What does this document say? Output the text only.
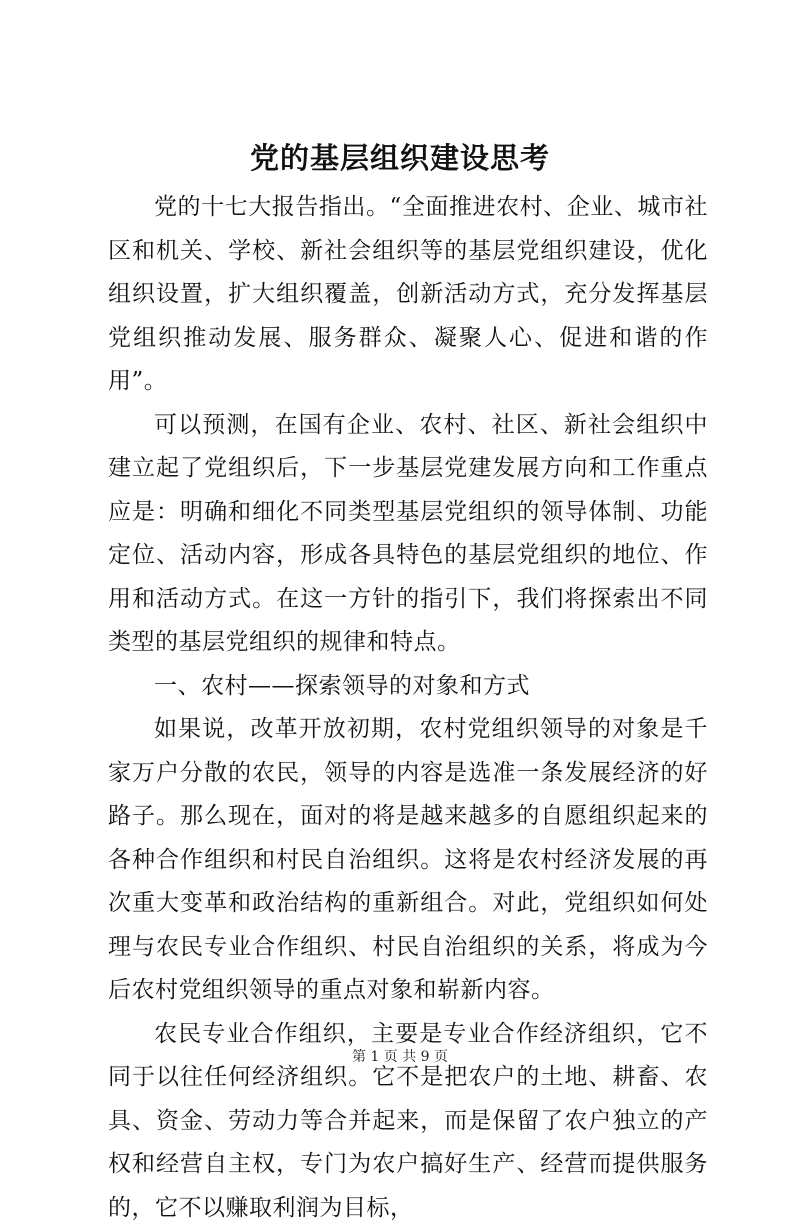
党的基层组织建设思考

党的十七大报告指出。“全面推进农村、企业、城市社区和机关、学校、新社会组织等的基层党组织建设，优化组织设置，扩大组织覆盖，创新活动方式，充分发挥基层党组织推动发展、服务群众、凝聚人心、促进和谐的作用”。

可以预测，在国有企业、农村、社区、新社会组织中建立起了党组织后，下一步基层党建发展方向和工作重点应是：明确和细化不同类型基层党组织的领导体制、功能定位、活动内容，形成各具特色的基层党组织的地位、作用和活动方式。在这一方针的指引下，我们将探索出不同类型的基层党组织的规律和特点。

一、农村——探索领导的对象和方式

如果说，改革开放初期，农村党组织领导的对象是千家万户分散的农民，领导的内容是选准一条发展经济的好路子。那么现在，面对的将是越来越多的自愿组织起来的各种合作组织和村民自治组织。这将是农村经济发展的再次重大变革和政治结构的重新组合。对此，党组织如何处理与农民专业合作组织、村民自治组织的关系，将成为今后农村党组织领导的重点对象和崭新内容。

农民专业合作组织，主要是专业合作经济组织，它不同于以往任何经济组织。它不是把农户的土地、耕畜、农具、资金、劳动力等合并起来，而是保留了农户独立的产权和经营自主权，专门为农户搞好生产、经营而提供服务的，它不以赚取利润为目标，

第 1 页 共 9 页
